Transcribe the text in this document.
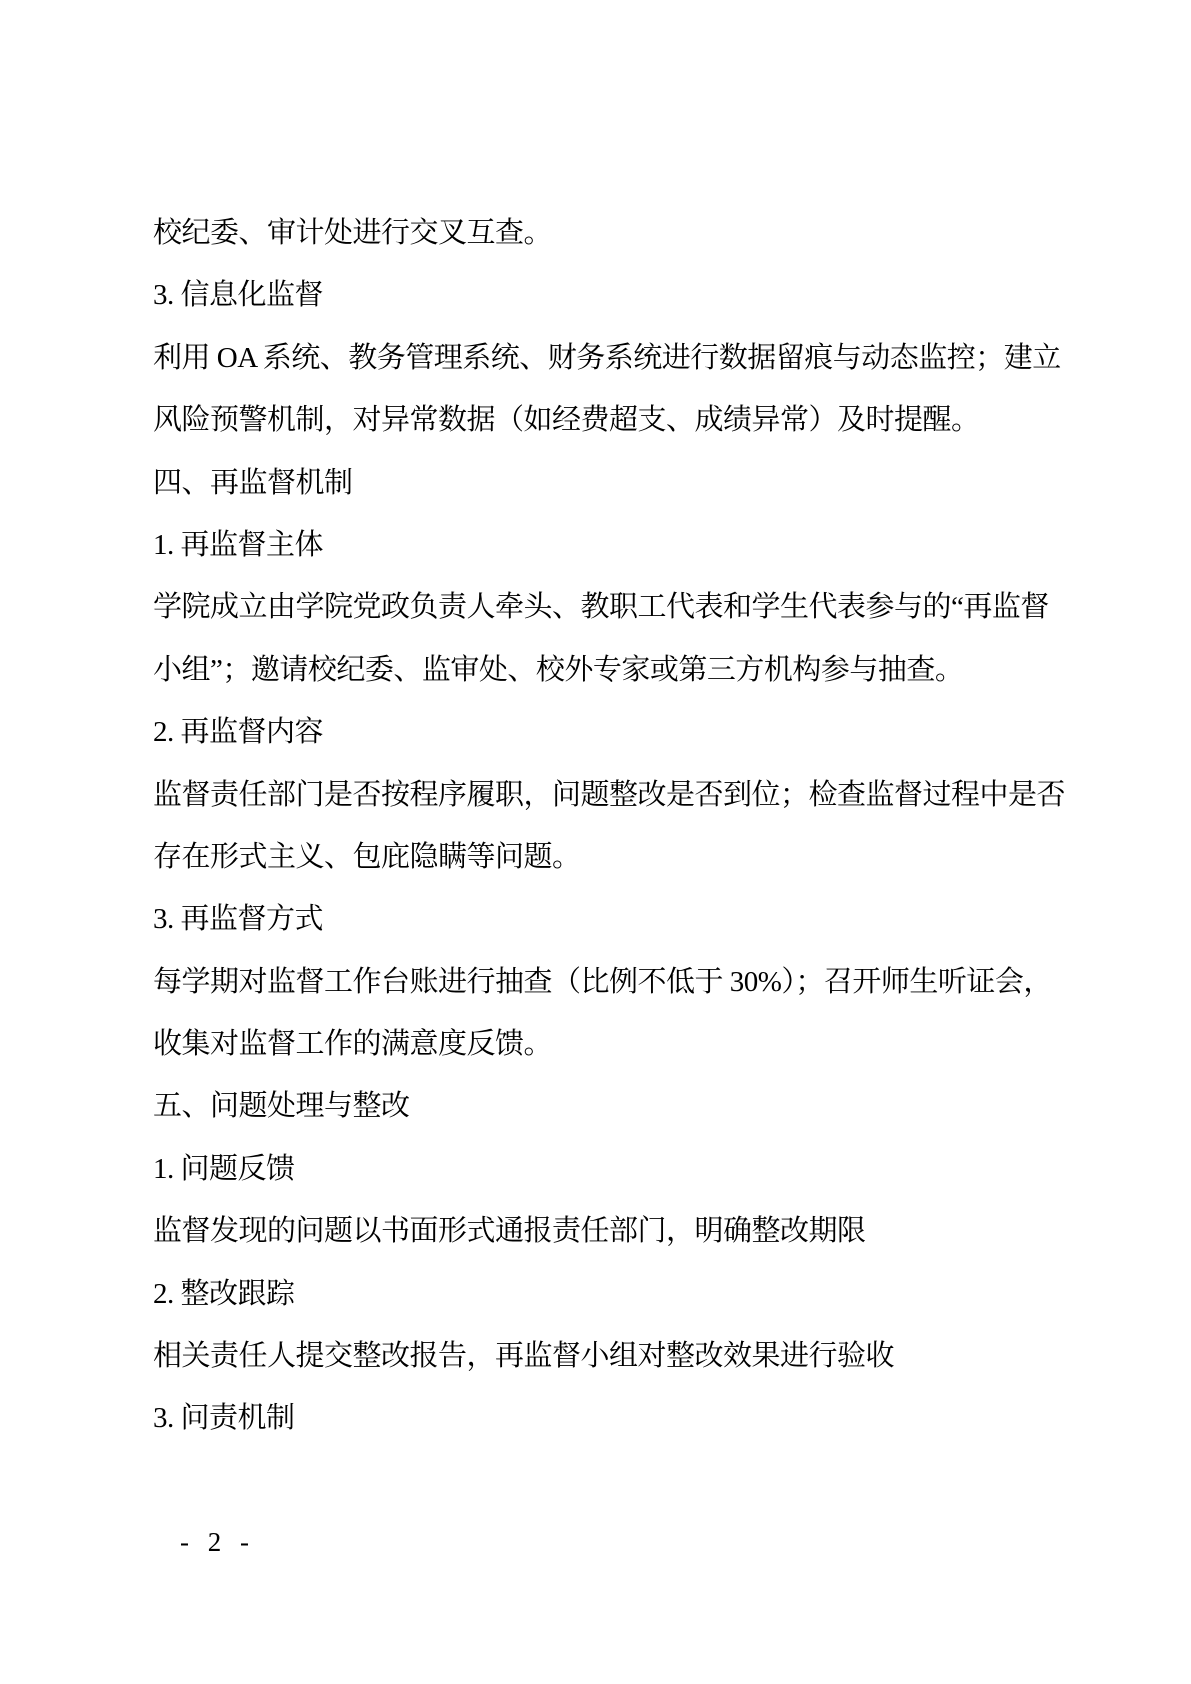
校纪委、审计处进行交叉互查。
3. 信息化监督
利用 OA 系统、教务管理系统、财务系统进行数据留痕与动态监控；建立
风险预警机制，对异常数据（如经费超支、成绩异常）及时提醒。
四、再监督机制
1. 再监督主体
学院成立由学院党政负责人牵头、教职工代表和学生代表参与的“再监督
小组”；邀请校纪委、监审处、校外专家或第三方机构参与抽查。
2. 再监督内容
监督责任部门是否按程序履职，问题整改是否到位；检查监督过程中是否
存在形式主义、包庇隐瞒等问题。
3. 再监督方式
每学期对监督工作台账进行抽查（比例不低于 30%）；召开师生听证会，
收集对监督工作的满意度反馈。
五、问题处理与整改
1. 问题反馈
监督发现的问题以书面形式通报责任部门，明确整改期限
2. 整改跟踪
相关责任人提交整改报告，再监督小组对整改效果进行验收
3. 问责机制
- 2 -
